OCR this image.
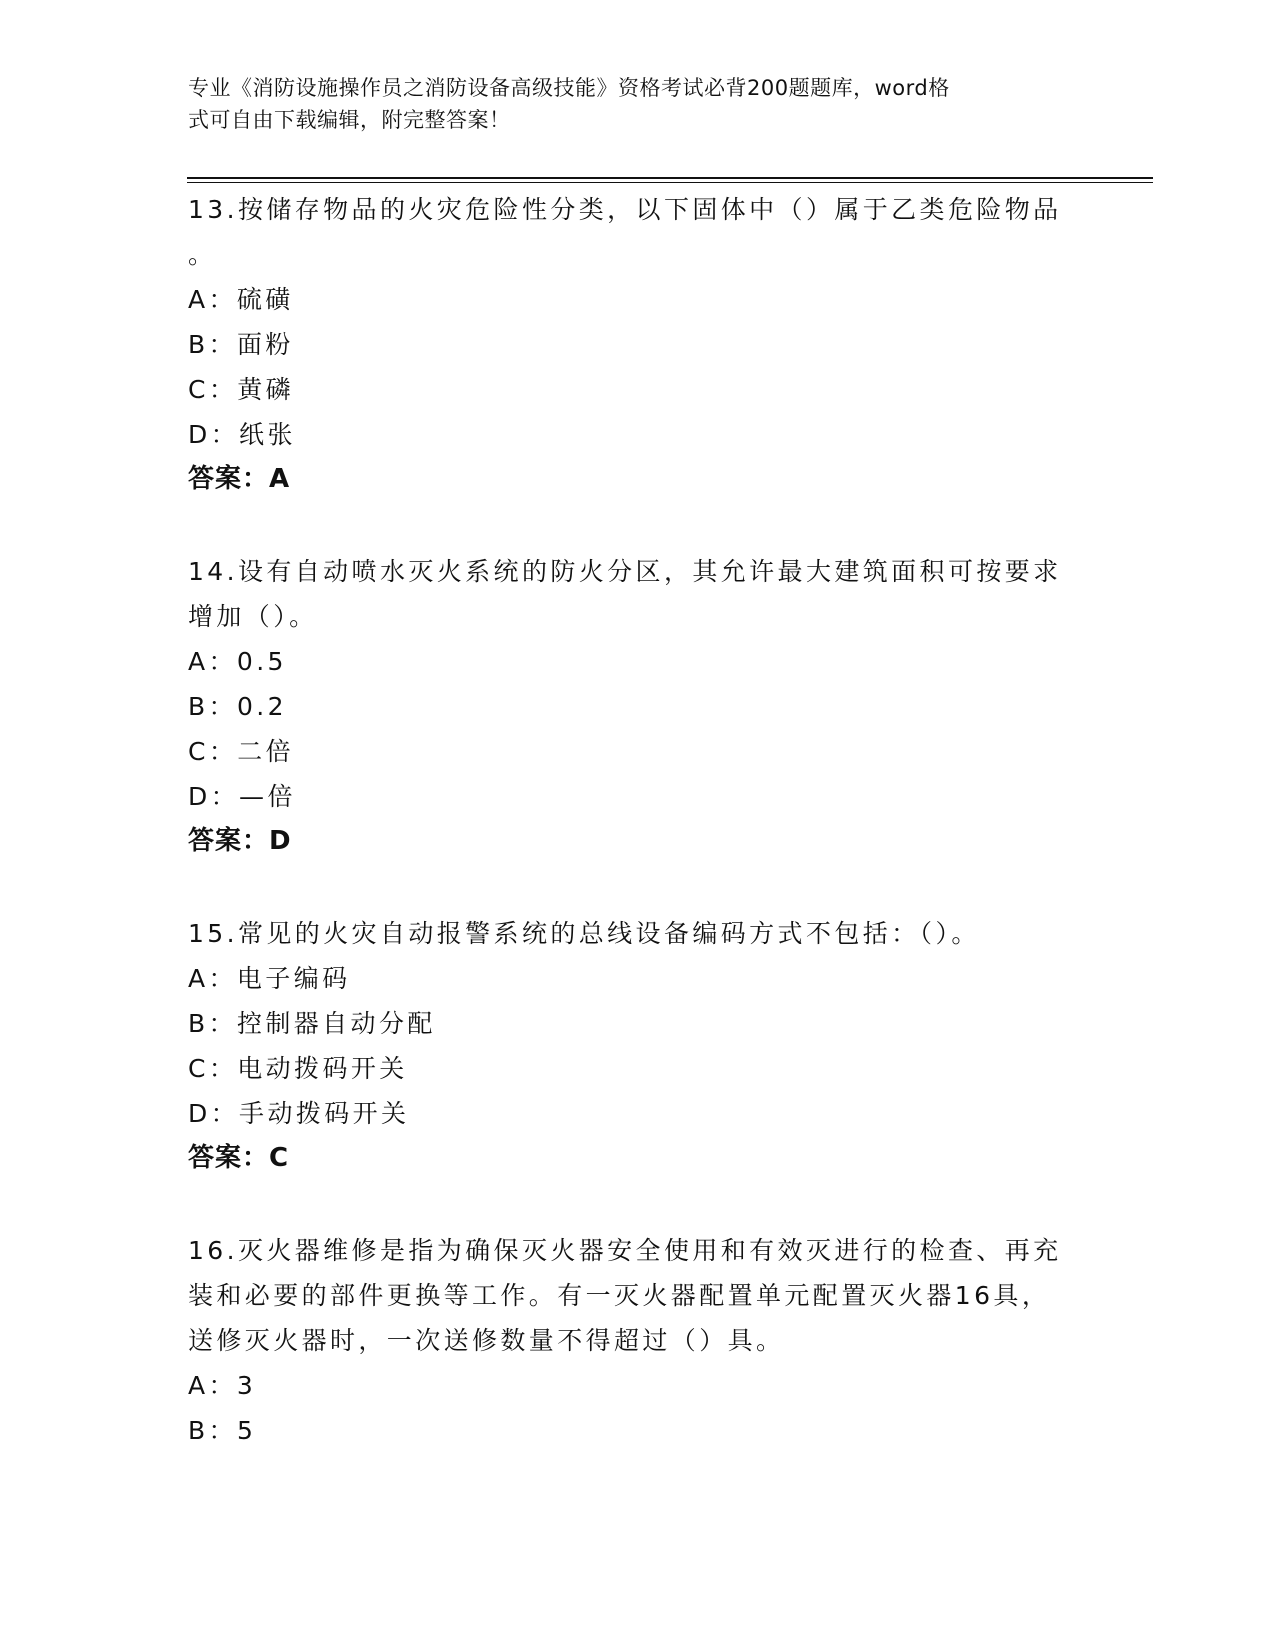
专业《消防设施操作员之消防设备高级技能》资格考试必背200题题库，word格
式可自由下载编辑，附完整答案！

13.按储存物品的火灾危险性分类，以下固体中（）属于乙类危险物品

。

A：硫磺

B：面粉

C：黄磷

D：纸张

答案：A

14.设有自动喷水灭火系统的防火分区，其允许最大建筑面积可按要求

增加（）。

A：0.5

B：0.2

C：二倍

D：—倍

答案：D

15.常见的火灾自动报警系统的总线设备编码方式不包括：（）。

A：电子编码

B：控制器自动分配

C：电动拨码开关

D：手动拨码开关

答案：C

16.灭火器维修是指为确保灭火器安全使用和有效灭进行的检查、再充

装和必要的部件更换等工作。有一灭火器配置单元配置灭火器16具，

送修灭火器时，一次送修数量不得超过（）具。

A：3

B：5
